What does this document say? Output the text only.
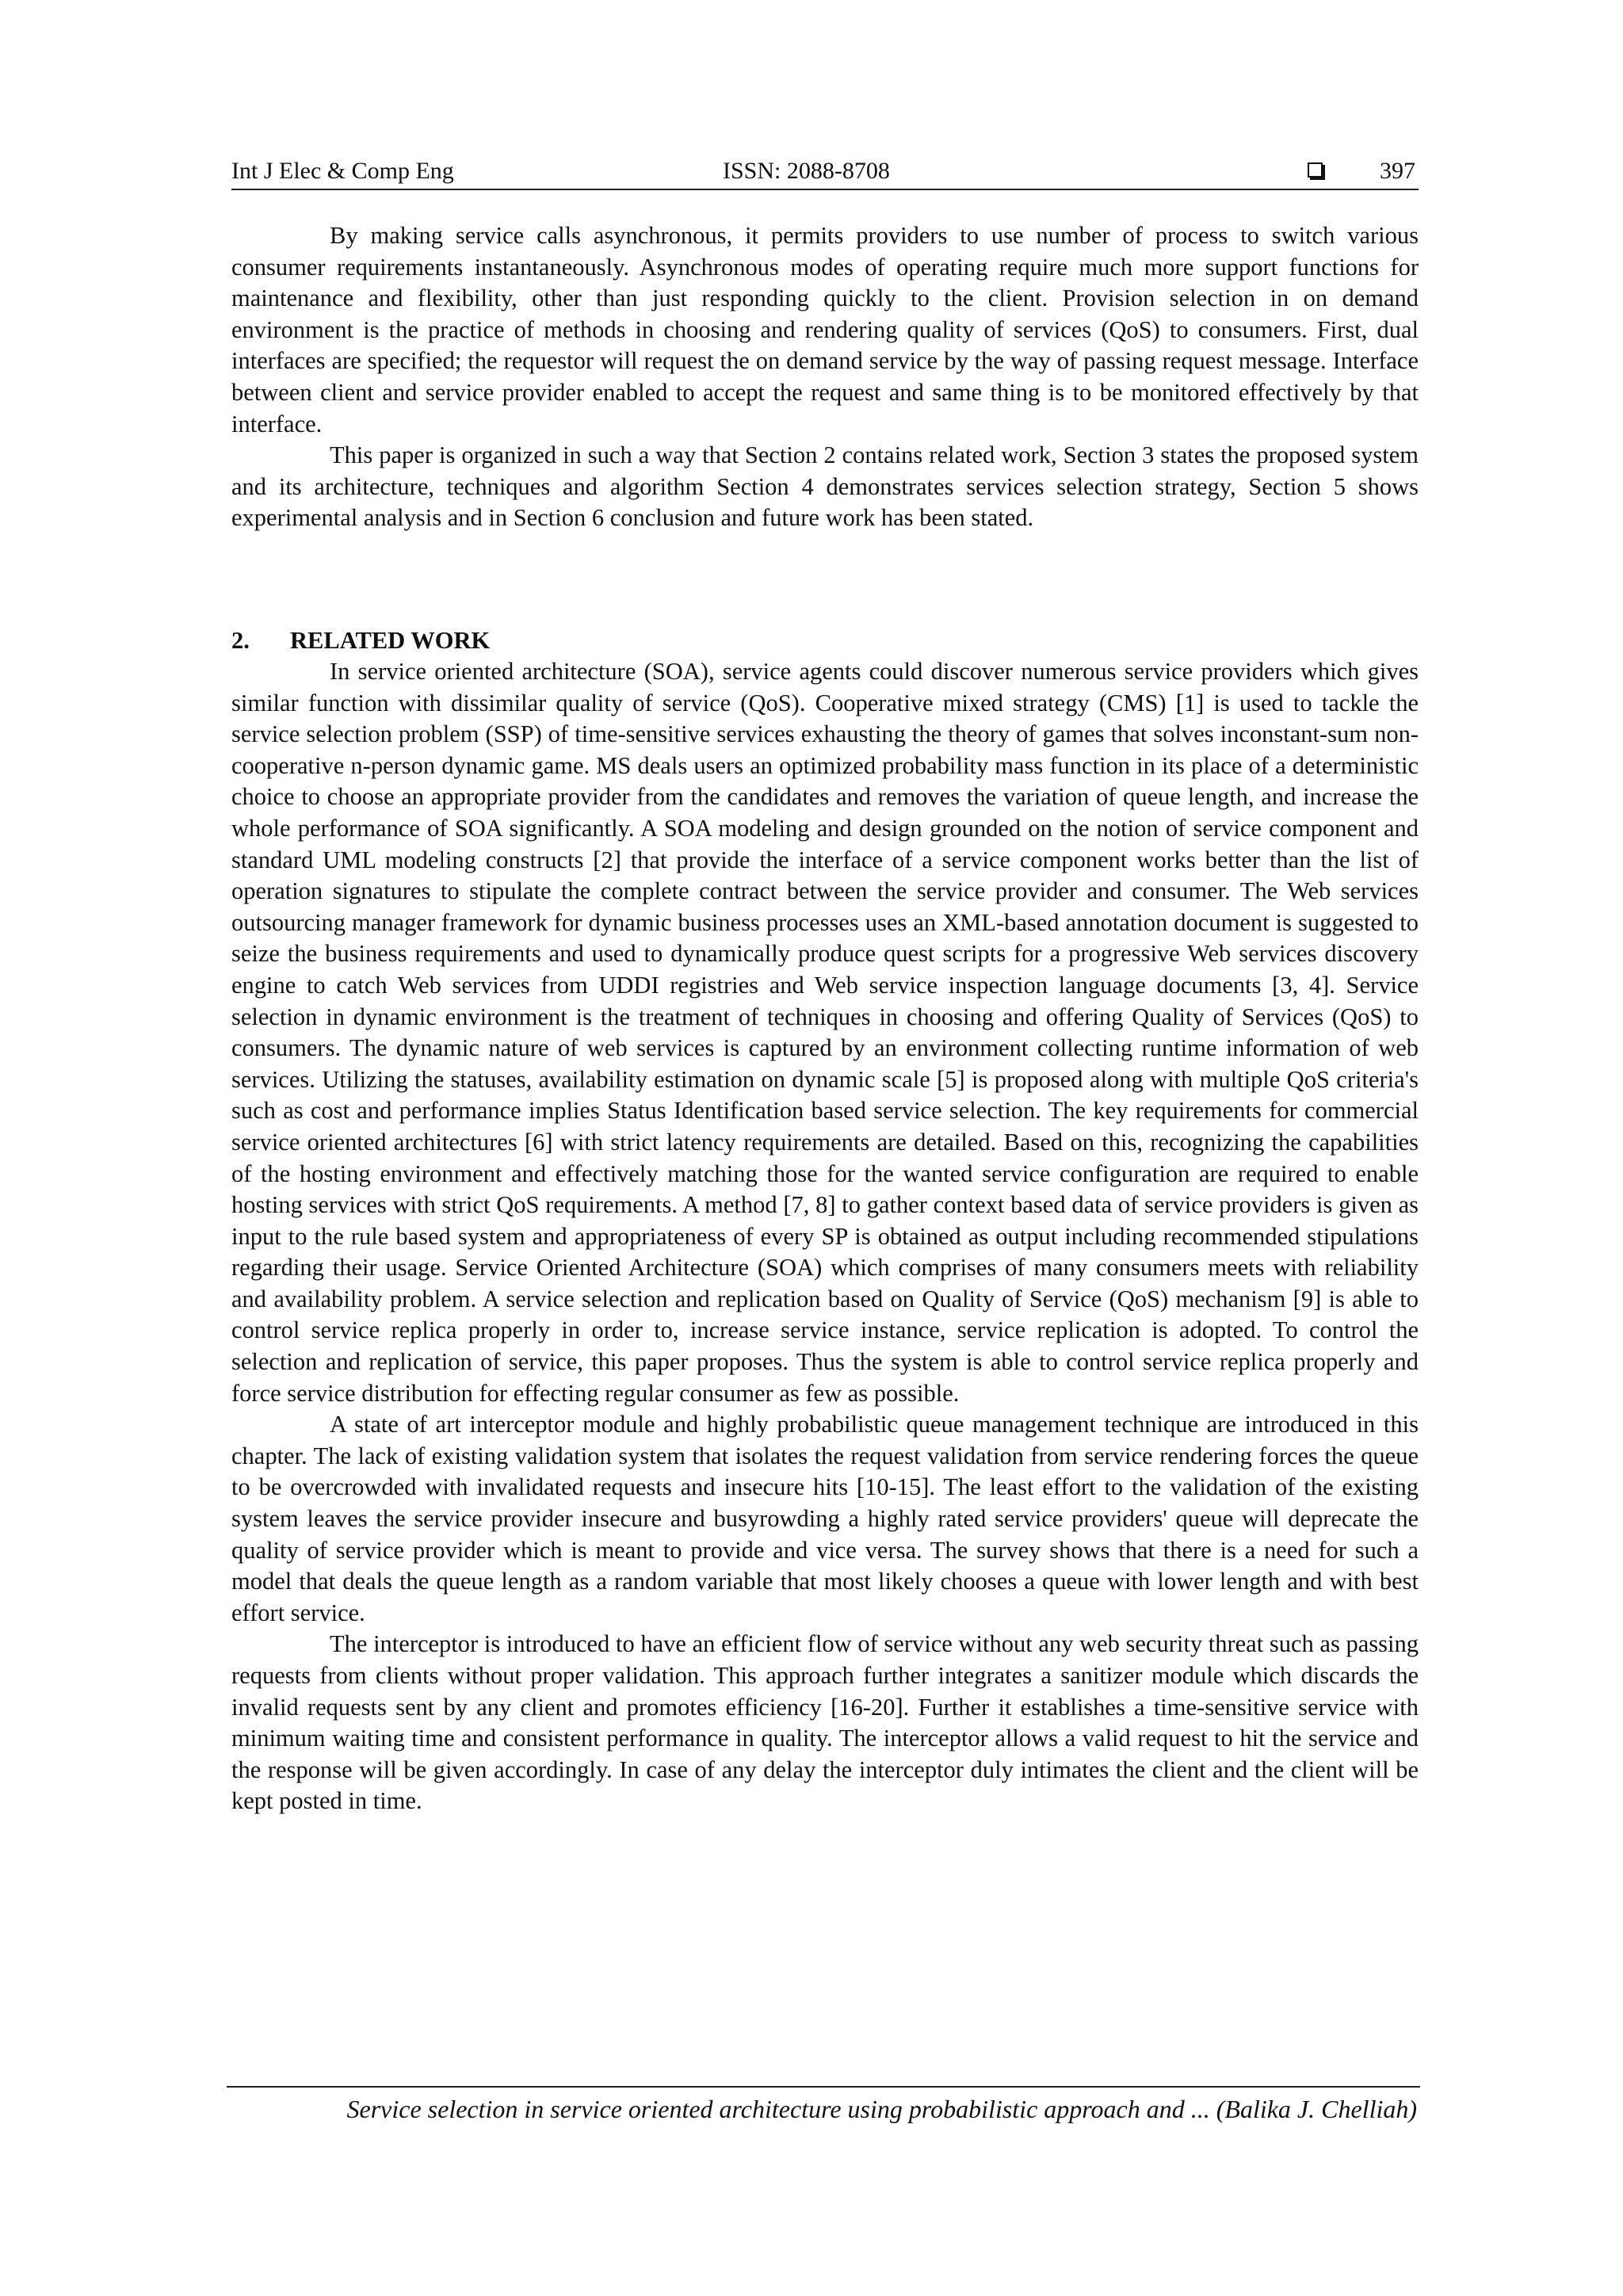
Int J Elec & Comp Eng	ISSN: 2088-8708	397

By making service calls asynchronous, it permits providers to use number of process to switch various consumer requirements instantaneously. Asynchronous modes of operating require much more support functions for maintenance and flexibility, other than just responding quickly to the client. Provision selection in on demand environment is the practice of methods in choosing and rendering quality of services (QoS) to consumers. First, dual interfaces are specified; the requestor will request the on demand service by the way of passing request message. Interface between client and service provider enabled to accept the request and same thing is to be monitored effectively by that interface.

This paper is organized in such a way that Section 2 contains related work, Section 3 states the proposed system and its architecture, techniques and algorithm Section 4 demonstrates services selection strategy, Section 5 shows experimental analysis and in Section 6 conclusion and future work has been stated.

2. RELATED WORK

In service oriented architecture (SOA), service agents could discover numerous service providers which gives similar function with dissimilar quality of service (QoS). Cooperative mixed strategy (CMS) [1] is used to tackle the service selection problem (SSP) of time-sensitive services exhausting the theory of games that solves inconstant-sum non-cooperative n-person dynamic game. MS deals users an optimized probability mass function in its place of a deterministic choice to choose an appropriate provider from the candidates and removes the variation of queue length, and increase the whole performance of SOA significantly. A SOA modeling and design grounded on the notion of service component and standard UML modeling constructs [2] that provide the interface of a service component works better than the list of operation signatures to stipulate the complete contract between the service provider and consumer. The Web services outsourcing manager framework for dynamic business processes uses an XML-based annotation document is suggested to seize the business requirements and used to dynamically produce quest scripts for a progressive Web services discovery engine to catch Web services from UDDI registries and Web service inspection language documents [3, 4]. Service selection in dynamic environment is the treatment of techniques in choosing and offering Quality of Services (QoS) to consumers. The dynamic nature of web services is captured by an environment collecting runtime information of web services. Utilizing the statuses, availability estimation on dynamic scale [5] is proposed along with multiple QoS criteria's such as cost and performance implies Status Identification based service selection. The key requirements for commercial service oriented architectures [6] with strict latency requirements are detailed. Based on this, recognizing the capabilities of the hosting environment and effectively matching those for the wanted service configuration are required to enable hosting services with strict QoS requirements. A method [7, 8] to gather context based data of service providers is given as input to the rule based system and appropriateness of every SP is obtained as output including recommended stipulations regarding their usage. Service Oriented Architecture (SOA) which comprises of many consumers meets with reliability and availability problem. A service selection and replication based on Quality of Service (QoS) mechanism [9] is able to control service replica properly in order to, increase service instance, service replication is adopted. To control the selection and replication of service, this paper proposes. Thus the system is able to control service replica properly and force service distribution for effecting regular consumer as few as possible.

A state of art interceptor module and highly probabilistic queue management technique are introduced in this chapter. The lack of existing validation system that isolates the request validation from service rendering forces the queue to be overcrowded with invalidated requests and insecure hits [10-15]. The least effort to the validation of the existing system leaves the service provider insecure and busyrowding a highly rated service providers' queue will deprecate the quality of service provider which is meant to provide and vice versa. The survey shows that there is a need for such a model that deals the queue length as a random variable that most likely chooses a queue with lower length and with best effort service.

The interceptor is introduced to have an efficient flow of service without any web security threat such as passing requests from clients without proper validation. This approach further integrates a sanitizer module which discards the invalid requests sent by any client and promotes efficiency [16-20]. Further it establishes a time-sensitive service with minimum waiting time and consistent performance in quality. The interceptor allows a valid request to hit the service and the response will be given accordingly. In case of any delay the interceptor duly intimates the client and the client will be kept posted in time.

Service selection in service oriented architecture using probabilistic approach and ... (Balika J. Chelliah)
